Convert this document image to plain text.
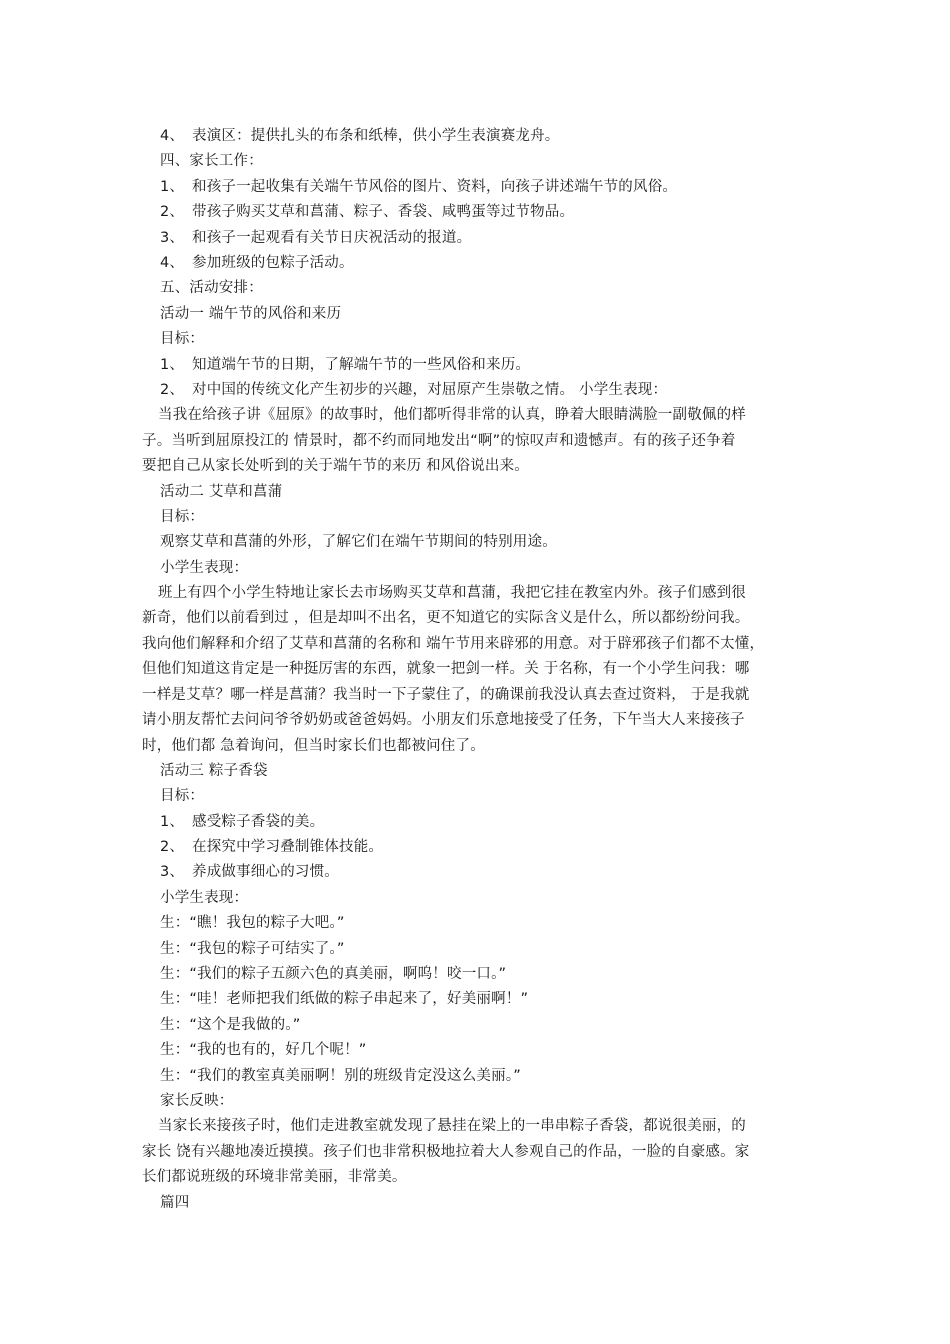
4、 表演区：提供扎头的布条和纸棒，供小学生表演赛龙舟。
四、家长工作：
1、 和孩子一起收集有关端午节风俗的图片、资料，向孩子讲述端午节的风俗。
2、 带孩子购买艾草和菖蒲、粽子、香袋、咸鸭蛋等过节物品。
3、 和孩子一起观看有关节日庆祝活动的报道。
4、 参加班级的包粽子活动。
五、活动安排：
活动一 端午节的风俗和来历
目标：
1、 知道端午节的日期，了解端午节的一些风俗和来历。
2、 对中国的传统文化产生初步的兴趣，对屈原产生崇敬之情。 小学生表现：
当我在给孩子讲《屈原》的故事时，他们都听得非常的认真，睁着大眼睛满脸一副敬佩的样
子。当听到屈原投江的 情景时，都不约而同地发出“啊”的惊叹声和遗憾声。有的孩子还争着
要把自己从家长处听到的关于端午节的来历 和风俗说出来。
活动二 艾草和菖蒲
目标：
观察艾草和菖蒲的外形，了解它们在端午节期间的特别用途。
小学生表现：
班上有四个小学生特地让家长去市场购买艾草和菖蒲，我把它挂在教室内外。孩子们感到很
新奇，他们以前看到过 ，但是却叫不出名，更不知道它的实际含义是什么，所以都纷纷问我。
我向他们解释和介绍了艾草和菖蒲的名称和 端午节用来辟邪的用意。对于辟邪孩子们都不太懂，
但他们知道这肯定是一种挺厉害的东西，就象一把剑一样。关 于名称，有一个小学生问我：哪
一样是艾草？哪一样是菖蒲？我当时一下子蒙住了，的确课前我没认真去查过资料， 于是我就
请小朋友帮忙去问问爷爷奶奶或爸爸妈妈。小朋友们乐意地接受了任务，下午当大人来接孩子
时，他们都 急着询问，但当时家长们也都被问住了。
活动三 粽子香袋
目标：
1、 感受粽子香袋的美。
2、 在探究中学习叠制锥体技能。
3、 养成做事细心的习惯。
小学生表现：
生：“瞧！我包的粽子大吧。”
生：“我包的粽子可结实了。”
生：“我们的粽子五颜六色的真美丽，啊呜！咬一口。”
生：“哇！老师把我们纸做的粽子串起来了，好美丽啊！”
生：“这个是我做的。”
生：“我的也有的，好几个呢！”
生：“我们的教室真美丽啊！别的班级肯定没这么美丽。”
家长反映：
当家长来接孩子时，他们走进教室就发现了悬挂在梁上的一串串粽子香袋，都说很美丽，的
家长 饶有兴趣地凑近摸摸。孩子们也非常积极地拉着大人参观自己的作品，一脸的自豪感。家
长们都说班级的环境非常美丽，非常美。
篇四
